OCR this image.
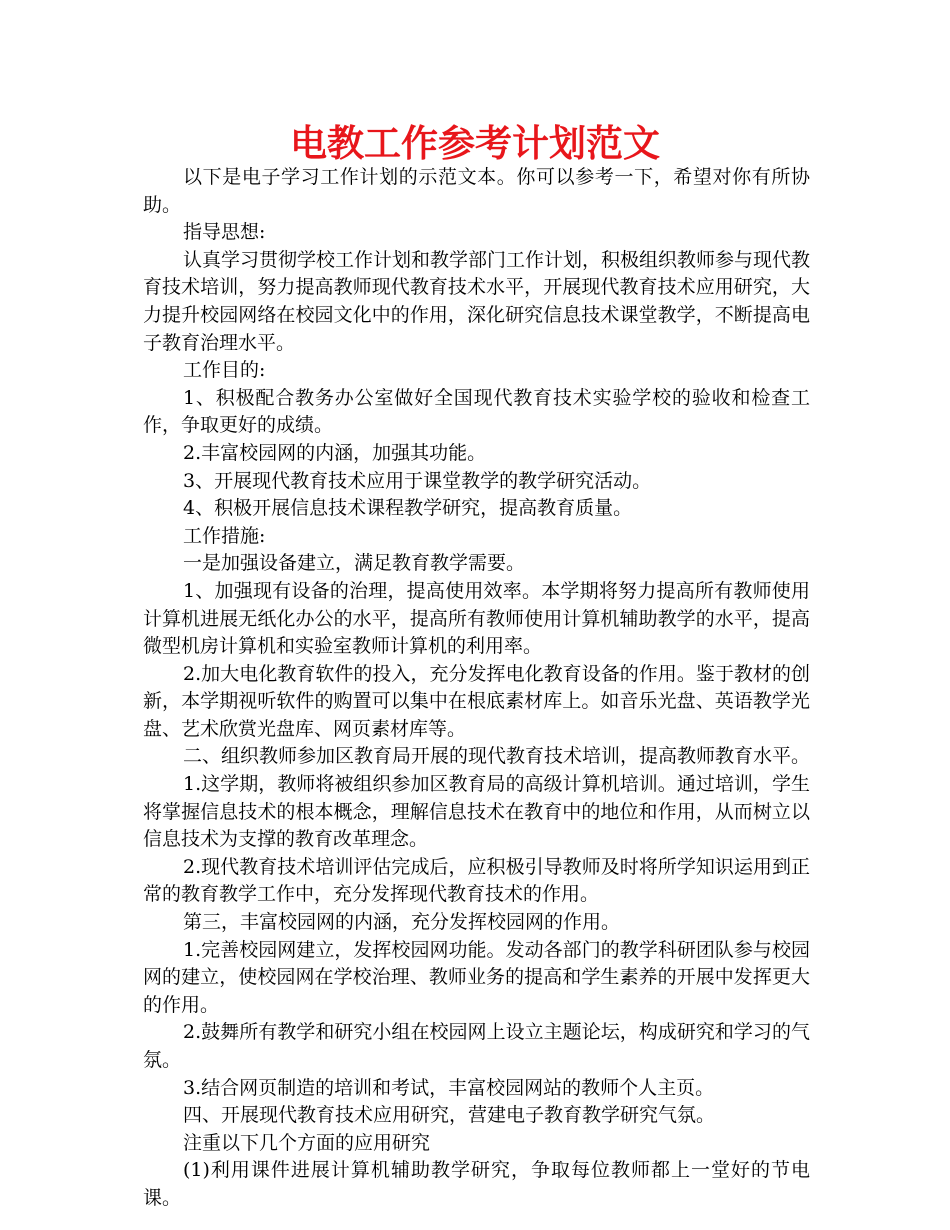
电教工作参考计划范文

以下是电子学习工作计划的示范文本。你可以参考一下，希望对你有所协助。

指导思想:

认真学习贯彻学校工作计划和教学部门工作计划，积极组织教师参与现代教育技术培训，努力提高教师现代教育技术水平，开展现代教育技术应用研究，大力提升校园网络在校园文化中的作用，深化研究信息技术课堂教学，不断提高电子教育治理水平。

工作目的:

1、积极配合教务办公室做好全国现代教育技术实验学校的验收和检查工作，争取更好的成绩。

2.丰富校园网的内涵，加强其功能。

3、开展现代教育技术应用于课堂教学的教学研究活动。

4、积极开展信息技术课程教学研究，提高教育质量。

工作措施:

一是加强设备建立，满足教育教学需要。

1、加强现有设备的治理，提高使用效率。本学期将努力提高所有教师使用计算机进展无纸化办公的水平，提高所有教师使用计算机辅助教学的水平，提高微型机房计算机和实验室教师计算机的利用率。

2.加大电化教育软件的投入，充分发挥电化教育设备的作用。鉴于教材的创新，本学期视听软件的购置可以集中在根底素材库上。如音乐光盘、英语教学光盘、艺术欣赏光盘库、网页素材库等。

二、组织教师参加区教育局开展的现代教育技术培训，提高教师教育水平。

1.这学期，教师将被组织参加区教育局的高级计算机培训。通过培训，学生将掌握信息技术的根本概念，理解信息技术在教育中的地位和作用，从而树立以信息技术为支撑的教育改革理念。

2.现代教育技术培训评估完成后，应积极引导教师及时将所学知识运用到正常的教育教学工作中，充分发挥现代教育技术的作用。

第三，丰富校园网的内涵，充分发挥校园网的作用。

1.完善校园网建立，发挥校园网功能。发动各部门的教学科研团队参与校园网的建立，使校园网在学校治理、教师业务的提高和学生素养的开展中发挥更大的作用。

2.鼓舞所有教学和研究小组在校园网上设立主题论坛，构成研究和学习的气氛。

3.结合网页制造的培训和考试，丰富校园网站的教师个人主页。

四、开展现代教育技术应用研究，营建电子教育教学研究气氛。

注重以下几个方面的应用研究

(1)利用课件进展计算机辅助教学研究，争取每位教师都上一堂好的节电课。
